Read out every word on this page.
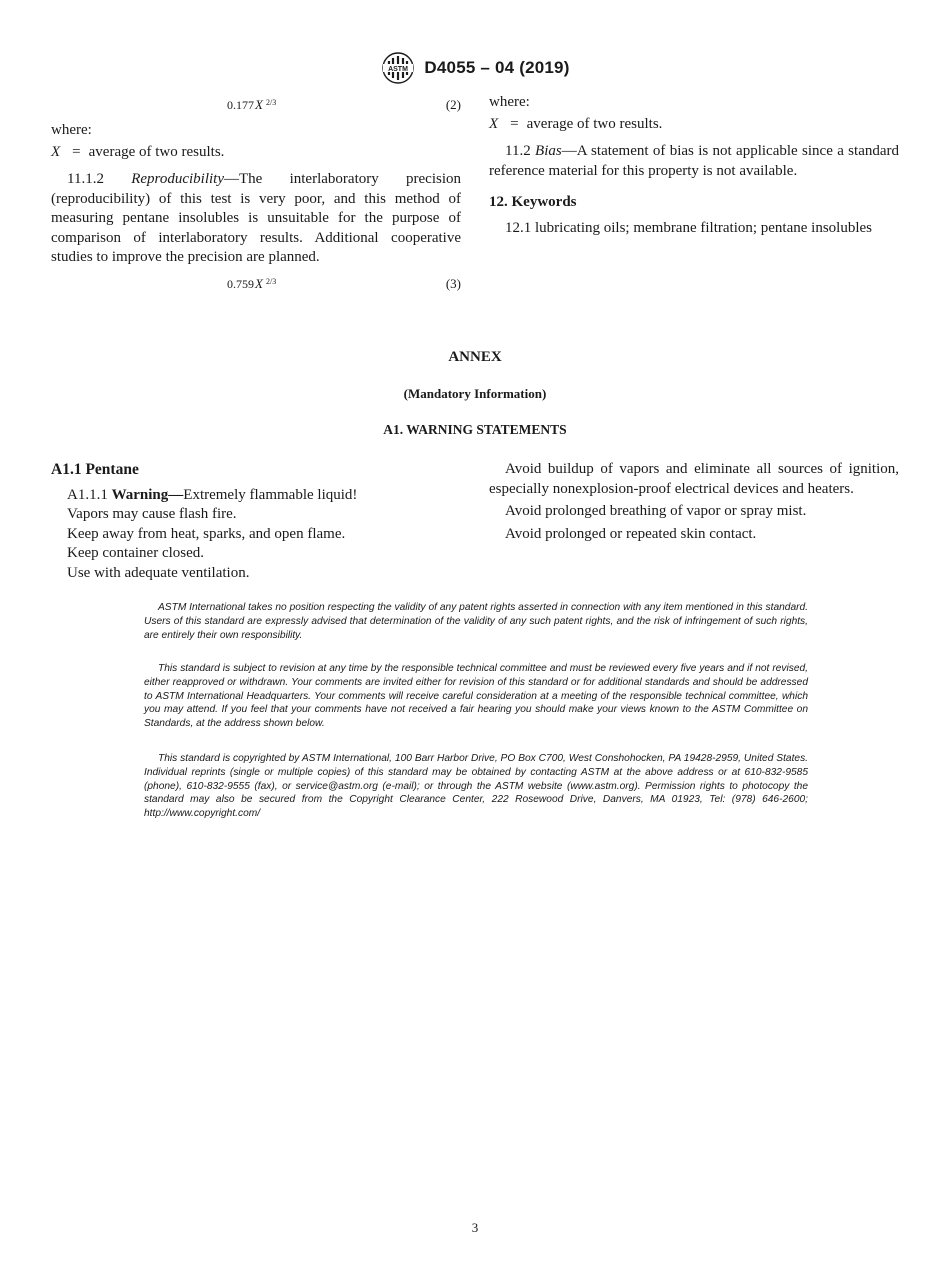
ASTM D4055 – 04 (2019)
0.177 X $^{2/3}$	(2)

where:

X = average of two results.

11.1.2 Reproducibility—The interlaboratory precision (reproducibility) of this test is very poor, and this method of measuring pentane insolubles is unsuitable for the purpose of comparison of interlaboratory results. Additional cooperative studies to improve the precision are planned.

0.759 X $^{2/3}$	(3)

where:

X = average of two results.

11.2 Bias—A statement of bias is not applicable since a standard reference material for this property is not available.

12. Keywords

12.1 lubricating oils; membrane filtration; pentane insolubles

ANNEX
(Mandatory Information)
A1. WARNING STATEMENTS

A1.1 Pentane

A1.1.1 Warning—Extremely flammable liquid!

Vapors may cause flash fire.

Keep away from heat, sparks, and open flame.

Keep container closed.

Use with adequate ventilation.

Avoid buildup of vapors and eliminate all sources of ignition, especially nonexplosion-proof electrical devices and heaters.

Avoid prolonged breathing of vapor or spray mist.

Avoid prolonged or repeated skin contact.

ASTM International takes no position respecting the validity of any patent rights asserted in connection with any item mentioned in this standard. Users of this standard are expressly advised that determination of the validity of any such patent rights, and the risk of infringement of such rights, are entirely their own responsibility.

This standard is subject to revision at any time by the responsible technical committee and must be reviewed every five years and if not revised, either reapproved or withdrawn. Your comments are invited either for revision of this standard or for additional standards and should be addressed to ASTM International Headquarters. Your comments will receive careful consideration at a meeting of the responsible technical committee, which you may attend. If you feel that your comments have not received a fair hearing you should make your views known to the ASTM Committee on Standards, at the address shown below.

This standard is copyrighted by ASTM International, 100 Barr Harbor Drive, PO Box C700, West Conshohocken, PA 19428-2959, United States. Individual reprints (single or multiple copies) of this standard may be obtained by contacting ASTM at the above address or at 610-832-9585 (phone), 610-832-9555 (fax), or service@astm.org (e-mail); or through the ASTM website (www.astm.org). Permission rights to photocopy the standard may also be secured from the Copyright Clearance Center, 222 Rosewood Drive, Danvers, MA 01923, Tel: (978) 646-2600; http://www.copyright.com/

3
